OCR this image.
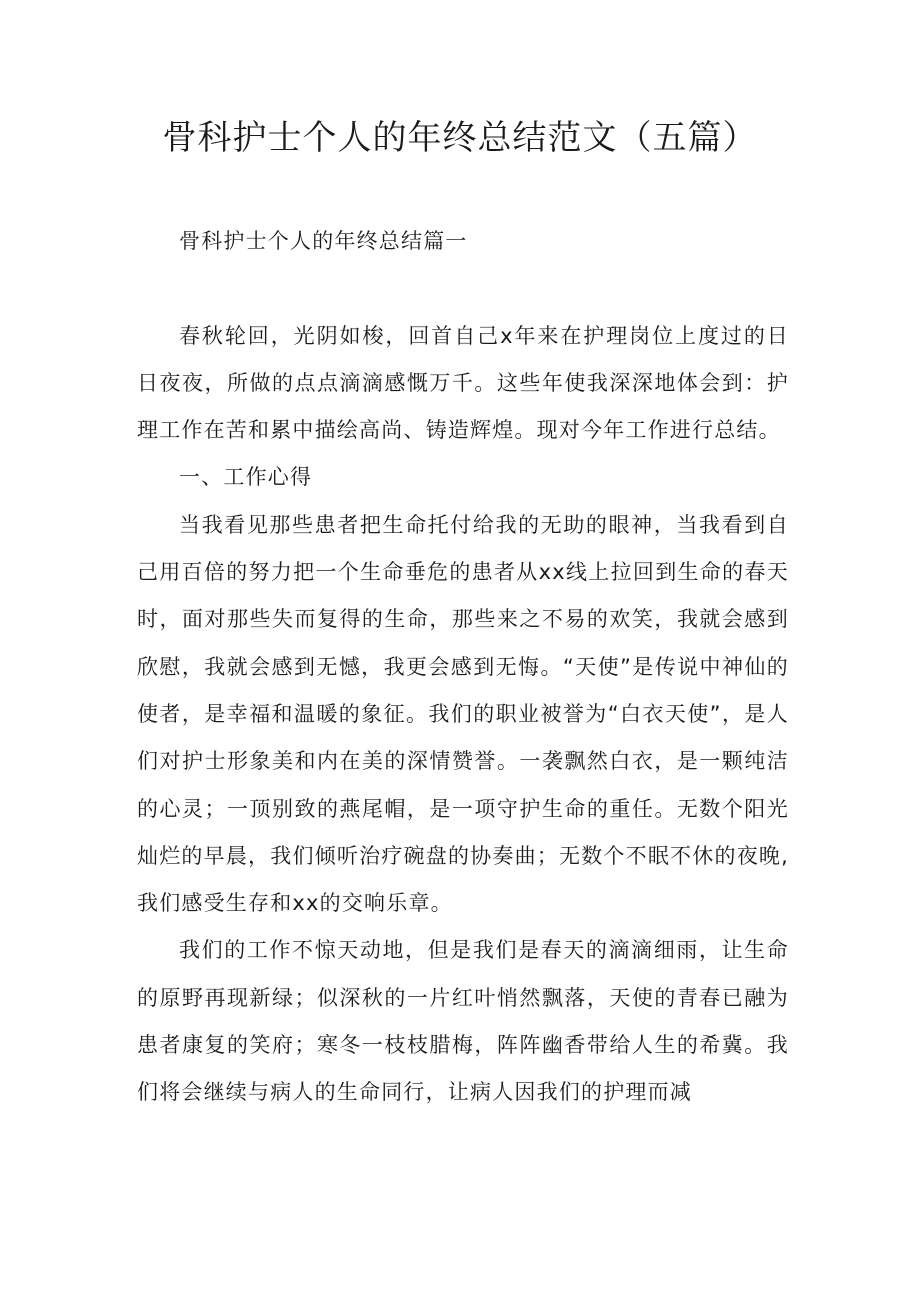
骨科护士个人的年终总结范文（五篇）

骨科护士个人的年终总结篇一

春秋轮回，光阴如梭，回首自己x年来在护理岗位上度过的日日夜夜，所做的点点滴滴感慨万千。这些年使我深深地体会到：护理工作在苦和累中描绘高尚、铸造辉煌。现对今年工作进行总结。

一、工作心得

当我看见那些患者把生命托付给我的无助的眼神，当我看到自己用百倍的努力把一个生命垂危的患者从xx线上拉回到生命的春天时，面对那些失而复得的生命，那些来之不易的欢笑，我就会感到欣慰，我就会感到无憾，我更会感到无悔。“天使”是传说中神仙的使者，是幸福和温暖的象征。我们的职业被誉为“白衣天使”，是人们对护士形象美和内在美的深情赞誉。一袭飘然白衣，是一颗纯洁的心灵；一顶别致的燕尾帽，是一项守护生命的重任。无数个阳光灿烂的早晨，我们倾听治疗碗盘的协奏曲；无数个不眠不休的夜晚,我们感受生存和xx的交响乐章。

我们的工作不惊天动地，但是我们是春天的滴滴细雨，让生命的原野再现新绿；似深秋的一片红叶悄然飘落，天使的青春已融为患者康复的笑府；寒冬一枝枝腊梅，阵阵幽香带给人生的希冀。我们将会继续与病人的生命同行，让病人因我们的护理而减
